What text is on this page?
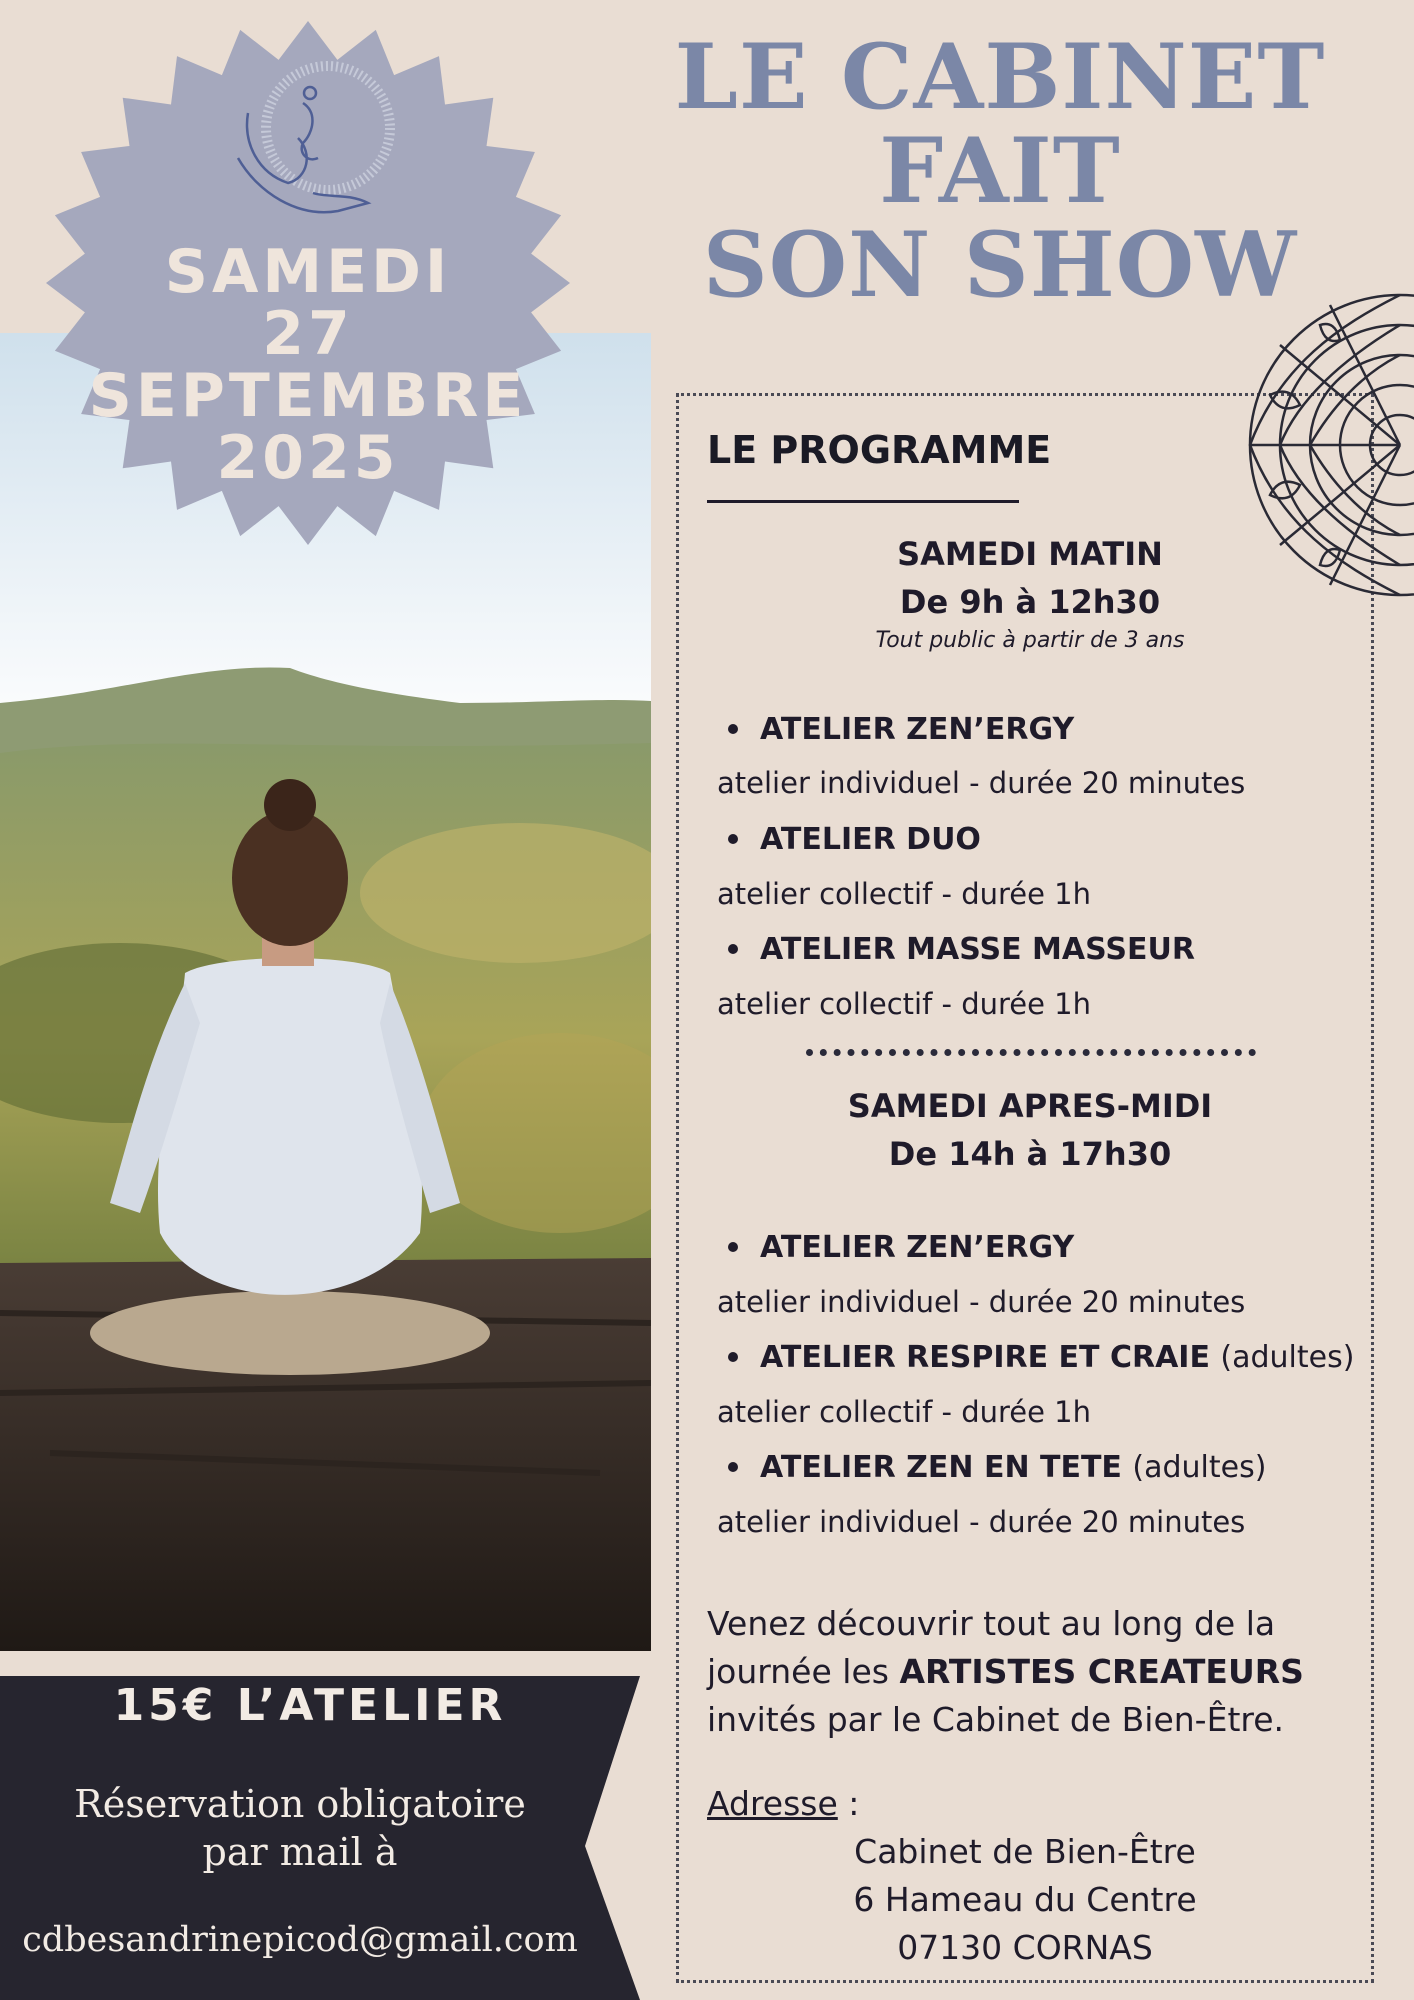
LE CABINET
FAIT
SON SHOW
SAMEDI
27
SEPTEMBRE
2025
15€ L’ATELIER
Réservation obligatoire
par mail à
cdbesandrinepicod@gmail.com
LE PROGRAMME
SAMEDI MATIN
De 9h à 12h30
Tout public à partir de 3 ans
ATELIER ZEN’ERGY
atelier individuel - durée 20 minutes
ATELIER DUO
atelier collectif - durée 1h
ATELIER MASSE MASSEUR
atelier collectif - durée 1h
SAMEDI APRES-MIDI
De 14h à 17h30
ATELIER ZEN’ERGY
atelier individuel - durée 20 minutes
ATELIER RESPIRE ET CRAIE (adultes)
atelier collectif - durée 1h
ATELIER ZEN EN TETE (adultes)
atelier individuel - durée 20 minutes
Venez découvrir tout au long de la journée les ARTISTES CREATEURS invités par le Cabinet de Bien-Être.
Adresse :
Cabinet de Bien-Être
6 Hameau du Centre
07130 CORNAS
